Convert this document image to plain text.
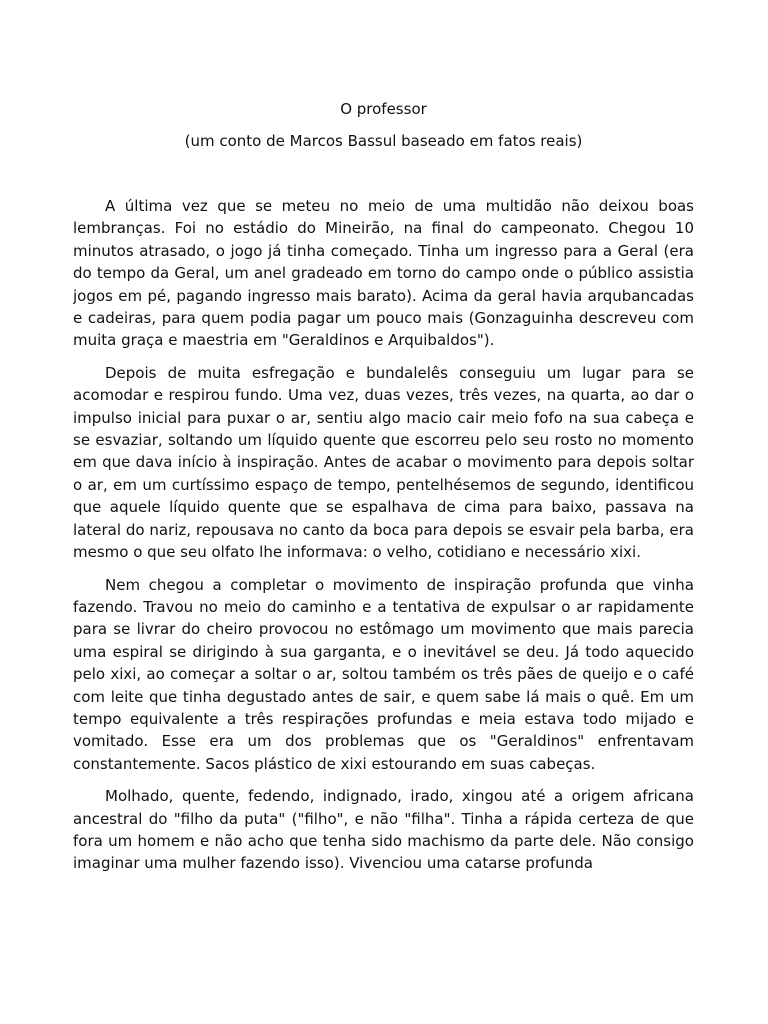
O professor

(um conto de Marcos Bassul baseado em fatos reais)

A última vez que se meteu no meio de uma multidão não deixou boas lembranças. Foi no estádio do Mineirão, na final do campeonato. Chegou 10 minutos atrasado, o jogo já tinha começado. Tinha um ingresso para a Geral (era do tempo da Geral, um anel gradeado em torno do campo onde o público assistia jogos em pé, pagando ingresso mais barato). Acima da geral havia arqubancadas e cadeiras, para quem podia pagar um pouco mais (Gonzaguinha descreveu com muita graça e maestria em "Geraldinos e Arquibaldos").

Depois de muita esfregação e bundalelês conseguiu um lugar para se acomodar e respirou fundo. Uma vez, duas vezes, três vezes, na quarta, ao dar o impulso inicial para puxar o ar, sentiu algo macio cair meio fofo na sua cabeça e se esvaziar, soltando um líquido quente que escorreu pelo seu rosto no momento em que dava início à inspiração. Antes de acabar o movimento para depois soltar o ar, em um curtíssimo espaço de tempo, pentelhésemos de segundo, identificou que aquele líquido quente que se espalhava de cima para baixo, passava na lateral do nariz, repousava no canto da boca para depois se esvair pela barba, era mesmo o que seu olfato lhe informava: o velho, cotidiano e necessário xixi.

Nem chegou a completar o movimento de inspiração profunda que vinha fazendo. Travou no meio do caminho e a tentativa de expulsar o ar rapidamente para se livrar do cheiro provocou no estômago um movimento que mais parecia uma espiral se dirigindo à sua garganta, e o inevitável se deu. Já todo aquecido pelo xixi, ao começar a soltar o ar, soltou também os três pães de queijo e o café com leite que tinha degustado antes de sair, e quem sabe lá mais o quê. Em um tempo equivalente a três respirações profundas e meia estava todo mijado e vomitado. Esse era um dos problemas que os "Geraldinos" enfrentavam constantemente. Sacos plástico de xixi estourando em suas cabeças.

Molhado, quente, fedendo, indignado, irado, xingou até a origem africana ancestral do "filho da puta" ("filho", e não "filha". Tinha a rápida certeza de que fora um homem e não acho que tenha sido machismo da parte dele. Não consigo imaginar uma mulher fazendo isso). Vivenciou uma catarse profunda
